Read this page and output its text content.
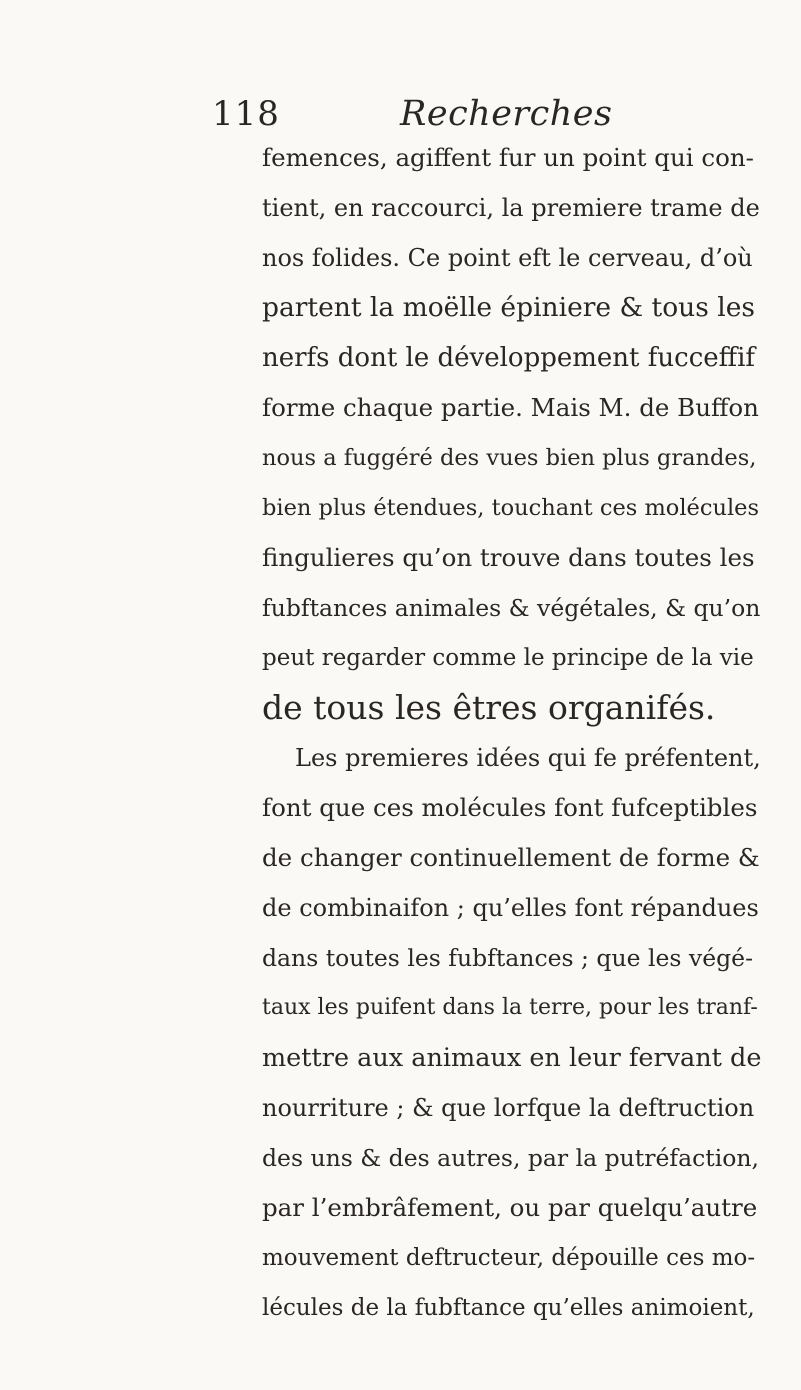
118	Recherches
femences, agiffent fur un point qui con-
tient, en raccourci, la premiere trame de
nos folides. Ce point eft le cerveau, d’où
partent la moëlle épiniere & tous les
nerfs dont le développement fucceffif
forme chaque partie. Mais M. de Buffon
nous a fuggéré des vues bien plus grandes,
bien plus étendues, touchant ces molécules
fingulieres qu’on trouve dans toutes les
fubftances animales & végétales, & qu’on
peut regarder comme le principe de la vie
de tous les êtres organifés.
Les premieres idées qui fe préfentent,
font que ces molécules font fufceptibles
de changer continuellement de forme &
de combinaifon ; qu’elles font répandues
dans toutes les fubftances ; que les végé-
taux les puifent dans la terre, pour les tranf-
mettre aux animaux en leur fervant de
nourriture ; & que lorfque la deftruction
des uns & des autres, par la putréfaction,
par l’embrâfement, ou par quelqu’autre
mouvement deftructeur, dépouille ces mo-
lécules de la fubftance qu’elles animoient,
